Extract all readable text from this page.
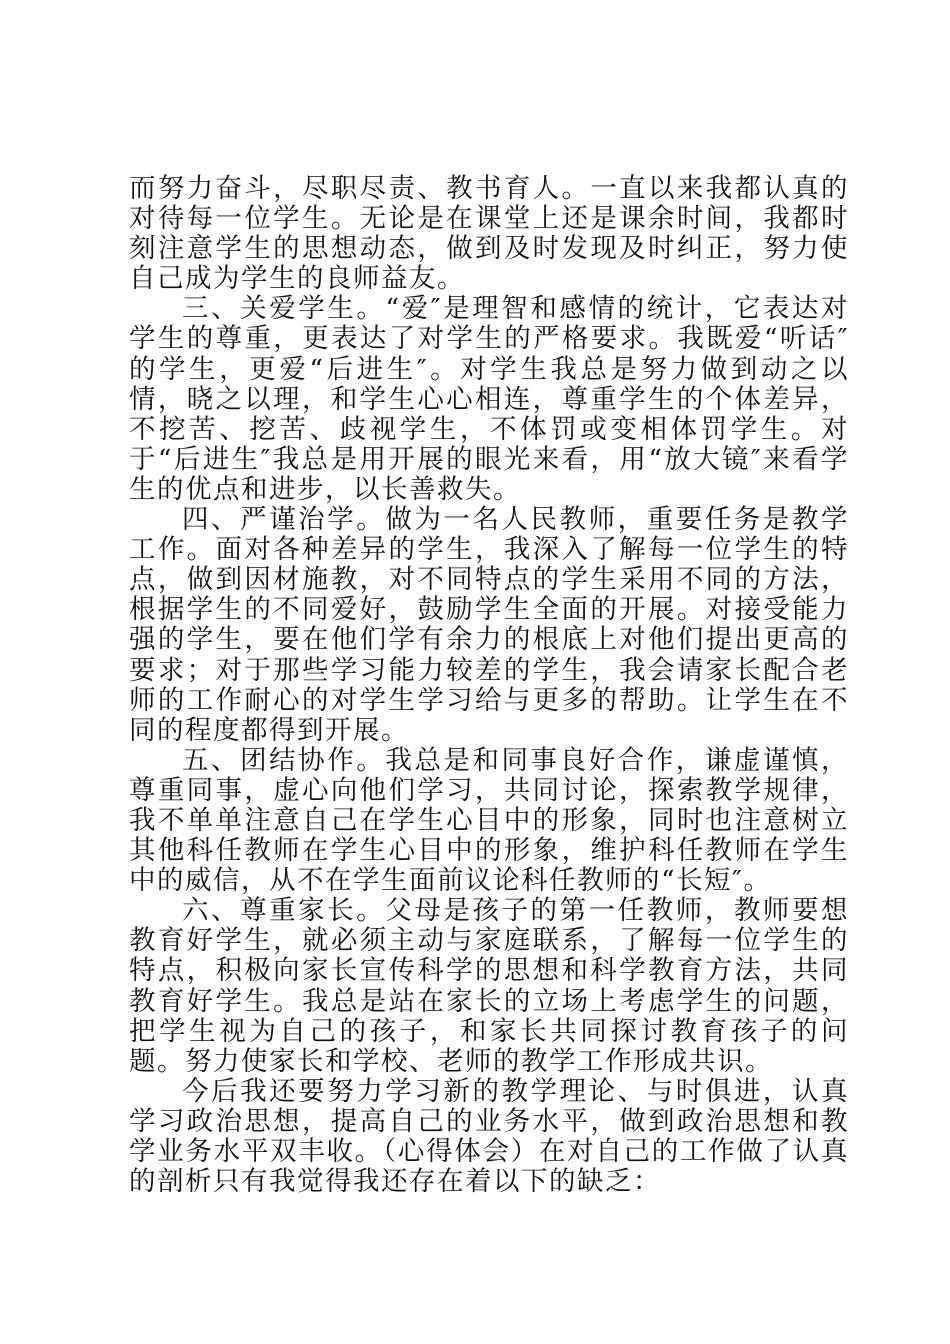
而努力奋斗，尽职尽责、教书育人。一直以来我都认真的对待每一位学生。无论是在课堂上还是课余时间，我都时刻注意学生的思想动态，做到及时发现及时纠正，努力使自己成为学生的良师益友。

三、关爱学生。“爱″是理智和感情的统计，它表达对学生的尊重，更表达了对学生的严格要求。我既爱“听话″的学生，更爱“后进生″。对学生我总是努力做到动之以情，晓之以理，和学生心心相连，尊重学生的个体差异，不挖苦、挖苦、歧视学生，不体罚或变相体罚学生。对于“后进生″我总是用开展的眼光来看，用“放大镜″来看学生的优点和进步，以长善救失。

四、严谨治学。做为一名人民教师，重要任务是教学工作。面对各种差异的学生，我深入了解每一位学生的特点，做到因材施教，对不同特点的学生采用不同的方法，根据学生的不同爱好，鼓励学生全面的开展。对接受能力强的学生，要在他们学有余力的根底上对他们提出更高的要求；对于那些学习能力较差的学生，我会请家长配合老师的工作耐心的对学生学习给与更多的帮助。让学生在不同的程度都得到开展。

五、团结协作。我总是和同事良好合作，谦虚谨慎，尊重同事，虚心向他们学习，共同讨论，探索教学规律，我不单单注意自己在学生心目中的形象，同时也注意树立其他科任教师在学生心目中的形象，维护科任教师在学生中的威信，从不在学生面前议论科任教师的“长短″。

六、尊重家长。父母是孩子的第一任教师，教师要想教育好学生，就必须主动与家庭联系，了解每一位学生的特点，积极向家长宣传科学的思想和科学教育方法，共同教育好学生。我总是站在家长的立场上考虑学生的问题，把学生视为自己的孩子，和家长共同探讨教育孩子的问题。努力使家长和学校、老师的教学工作形成共识。

今后我还要努力学习新的教学理论、与时俱进，认真学习政治思想，提高自己的业务水平，做到政治思想和教学业务水平双丰收。（心得体会）在对自己的工作做了认真的剖析只有我觉得我还存在着以下的缺乏：
